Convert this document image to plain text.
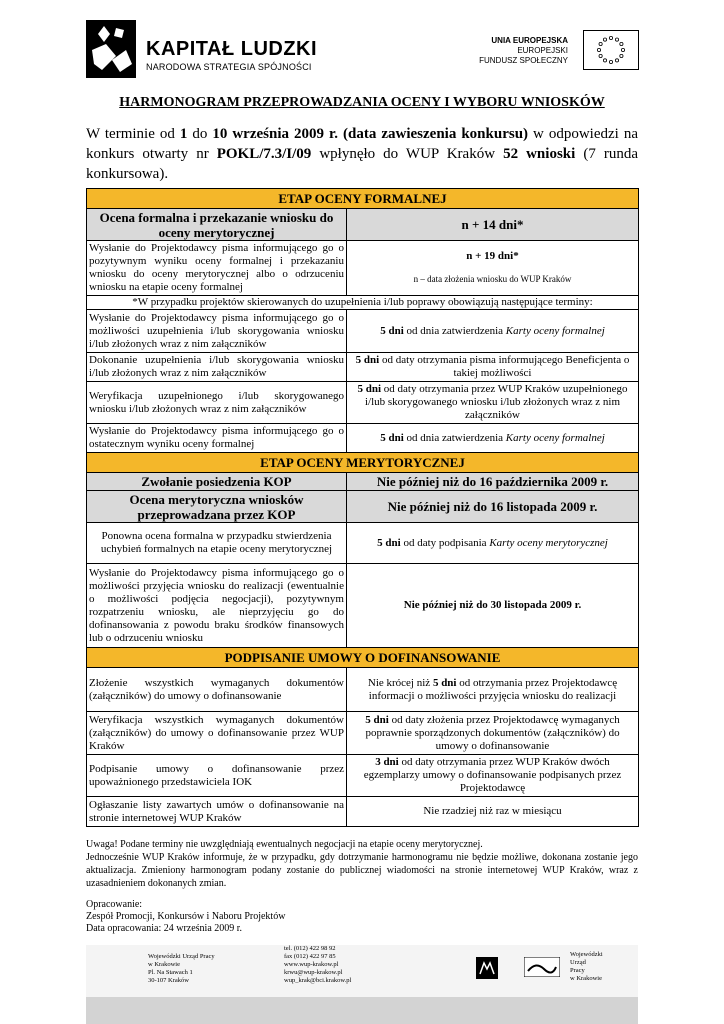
KAPITAŁ LUDZKI
NARODOWA STRATEGIA SPÓJNOŚCI
UNIA EUROPEJSKA
EUROPEJSKI
FUNDUSZ SPOŁECZNY
HARMONOGRAM PRZEPROWADZANIA OCENY I WYBORU WNIOSKÓW
W terminie od 1 do 10 września 2009 r. (data zawieszenia konkursu) w odpowiedzi na konkurs otwarty nr POKL/7.3/I/09 wpłynęło do WUP Kraków 52 wnioski (7 runda konkursowa).
ETAP OCENY FORMALNEJ	
Ocena formalna i przekazanie wniosku do oceny merytorycznej	n + 14 dni*
Wysłanie do Projektodawcy pisma informującego go o pozytywnym wyniku oceny formalnej i przekazaniu wniosku do oceny merytorycznej albo o odrzuceniu wniosku na etapie oceny formalnej	n + 19 dni*
n – data złożenia wniosku do WUP Kraków

*W przypadku projektów skierowanych do uzupełnienia i/lub poprawy obowiązują następujące terminy:	
Wysłanie do Projektodawcy pisma informującego go o możliwości uzupełnienia i/lub skorygowania wniosku i/lub złożonych wraz z nim załączników	5 dni od dnia zatwierdzenia Karty oceny formalnej
Dokonanie uzupełnienia i/lub skorygowania wniosku i/lub złożonych wraz z nim załączników	5 dni od daty otrzymania pisma informującego Beneficjenta o takiej możliwości
Weryfikacja uzupełnionego i/lub skorygowanego wniosku i/lub złożonych wraz z nim załączników	5 dni od daty otrzymania przez WUP Kraków uzupełnionego i/lub skorygowanego wniosku i/lub złożonych wraz z nim załączników
Wysłanie do Projektodawcy pisma informującego go o ostatecznym wyniku oceny formalnej	5 dni od dnia zatwierdzenia Karty oceny formalnej
ETAP OCENY MERYTORYCZNEJ	
Zwołanie posiedzenia KOP	Nie później niż do 16 października 2009 r.
Ocena merytoryczna wniosków przeprowadzana przez KOP	Nie później niż do 16 listopada 2009 r.
Ponowna ocena formalna w przypadku stwierdzenia uchybień formalnych na etapie oceny merytorycznej	5 dni od daty podpisania Karty oceny merytorycznej
Wysłanie do Projektodawcy pisma informującego go o możliwości przyjęcia wniosku do realizacji (ewentualnie o możliwości podjęcia negocjacji), pozytywnym rozpatrzeniu wniosku, ale nieprzyjęciu go do dofinansowania z powodu braku środków finansowych lub o odrzuceniu wniosku	Nie później niż do 30 listopada 2009 r.
PODPISANIE UMOWY O DOFINANSOWANIE	
Złożenie wszystkich wymaganych dokumentów (załączników) do umowy o dofinansowanie	Nie krócej niż 5 dni od otrzymania przez Projektodawcę informacji o możliwości przyjęcia wniosku do realizacji
Weryfikacja wszystkich wymaganych dokumentów (załączników) do umowy o dofinansowanie przez WUP Kraków	5 dni od daty złożenia przez Projektodawcę wymaganych poprawnie sporządzonych dokumentów (załączników) do umowy o dofinansowanie
Podpisanie umowy o dofinansowanie przez upoważnionego przedstawiciela IOK	3 dni od daty otrzymania przez WUP Kraków dwóch egzemplarzy umowy o dofinansowanie podpisanych przez Projektodawcę
Ogłaszanie listy zawartych umów o dofinansowanie na stronie internetowej WUP Kraków	Nie rzadziej niż raz w miesiącu
Uwaga! Podane terminy nie uwzględniają ewentualnych negocjacji na etapie oceny merytorycznej.
Jednocześnie WUP Kraków informuje, że w przypadku, gdy dotrzymanie harmonogramu nie będzie możliwe, dokonana zostanie jego aktualizacja. Zmieniony harmonogram podany zostanie do publicznej wiadomości na stronie internetowej WUP Kraków, wraz z uzasadnieniem dokonanych zmian.
Opracowanie:
Zespół Promocji, Konkursów i Naboru Projektów
Data opracowania: 24 września 2009 r.
Wojewódzki Urząd Pracy
w Krakowie
Pl. Na Stawach 1
30-107 Kraków
tel. (012) 422 98 92
fax (012) 422 97 85
www.wup-krakow.pl
krwu@wup-krakow.pl
wup_krak@bci.krakow.pl
Wojewódzki
Urząd
Pracy
w Krakowie
